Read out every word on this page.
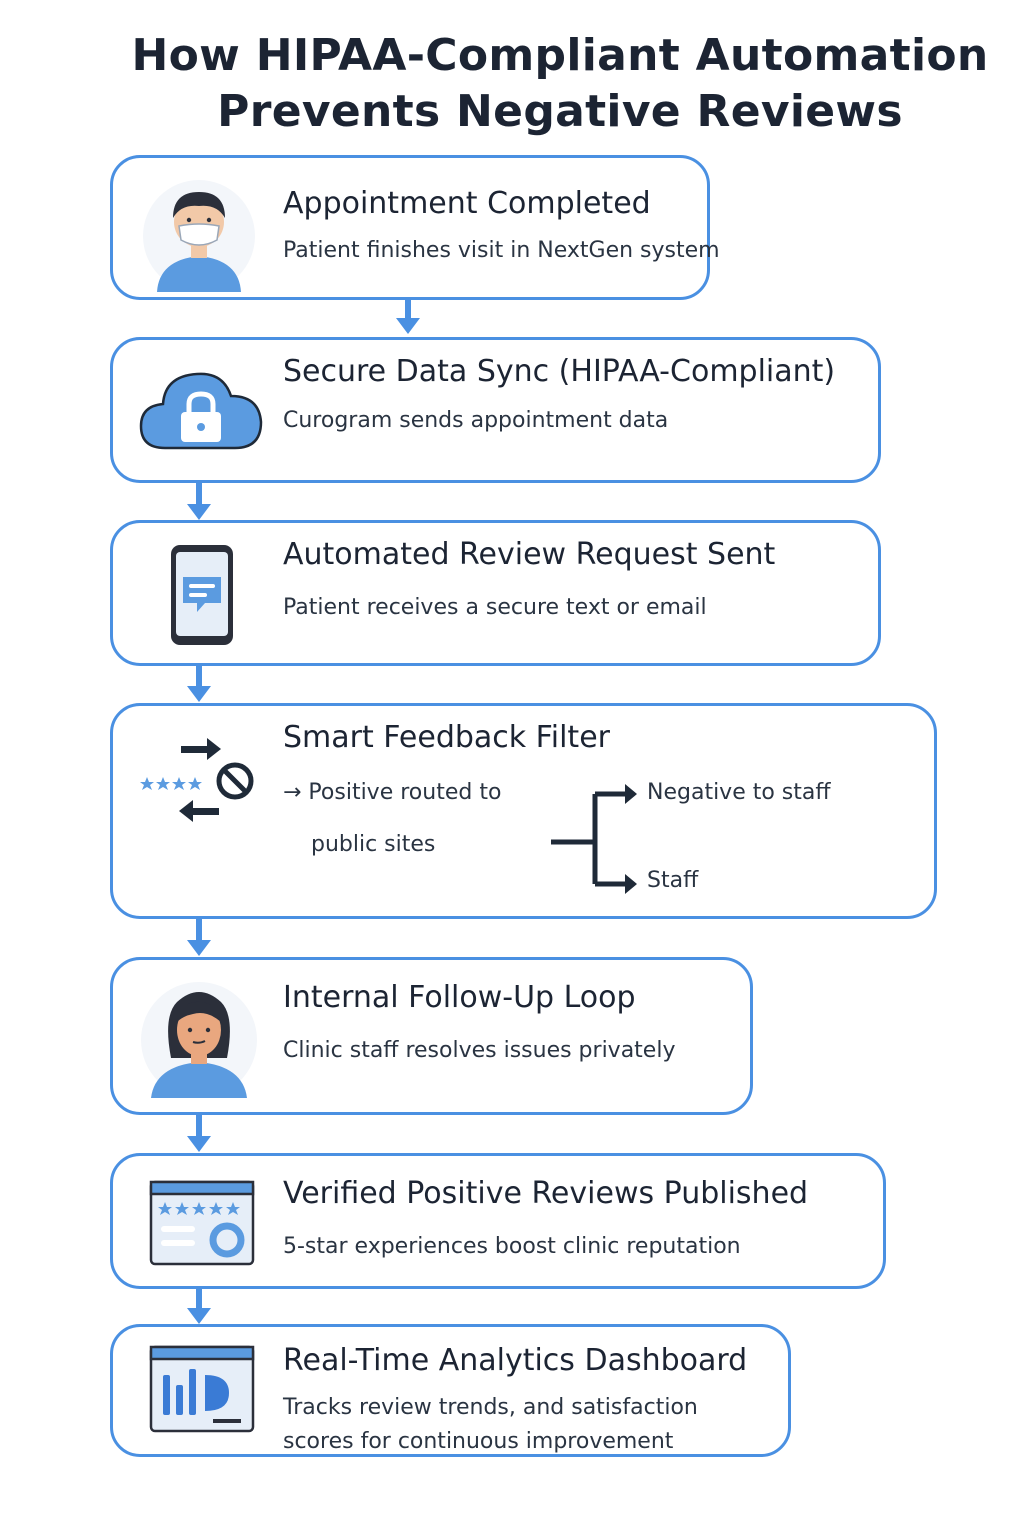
How HIPAA-Compliant Automation
Prevents Negative Reviews
Appointment Completed
Patient finishes visit in NextGen system
Secure Data Sync (HIPAA-Compliant)
Curogram sends appointment data
Automated Review Request Sent
Patient receives a secure text or email
Smart Feedback Filter
→ Positive routed to
public sites
Negative to staff
Staff
Internal Follow-Up Loop
Clinic staff resolves issues privately
Verified Positive Reviews Published
5-star experiences boost clinic reputation
Real-Time Analytics Dashboard
Tracks review trends, and satisfaction
scores for continuous improvement
